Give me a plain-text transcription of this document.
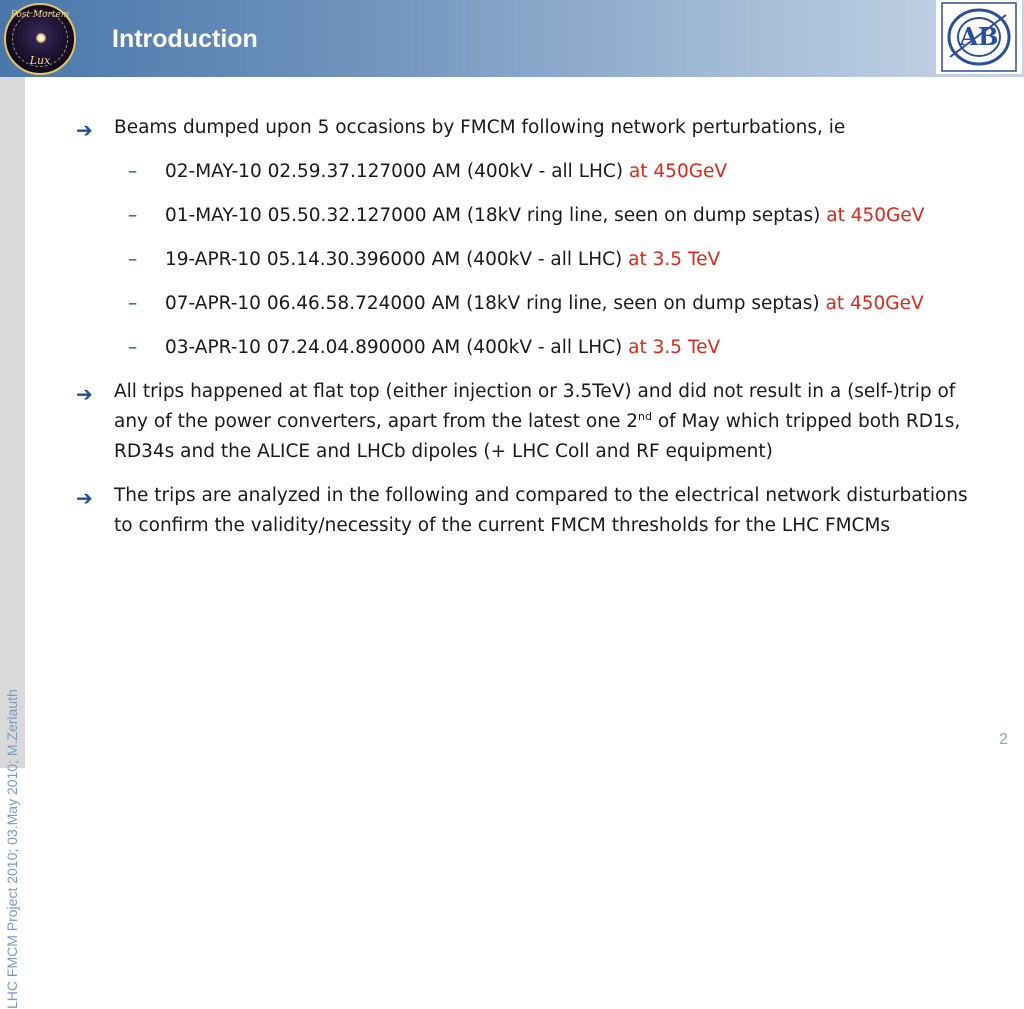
Post Mortem
Lux
Introduction	AB
LHC FMCM Project 2010; 03.May 2010; M.Zerlauth
➔ Beams dumped upon 5 occasions by FMCM following network perturbations, ie
– 02-MAY-10 02.59.37.127000 AM (400kV - all LHC) at 450GeV
– 01-MAY-10 05.50.32.127000 AM (18kV ring line, seen on dump septas) at 450GeV
– 19-APR-10 05.14.30.396000 AM (400kV - all LHC) at 3.5 TeV
– 07-APR-10 06.46.58.724000 AM (18kV ring line, seen on dump septas) at 450GeV
– 03-APR-10 07.24.04.890000 AM (400kV - all LHC) at 3.5 TeV
➔ All trips happened at flat top (either injection or 3.5TeV) and did not result in a (self-)trip of any of the power converters, apart from the latest one 2nd of May which tripped both RD1s, RD34s and the ALICE and LHCb dipoles (+ LHC Coll and RF equipment)
➔ The trips are analyzed in the following and compared to the electrical network disturbations to confirm the validity/necessity of the current FMCM thresholds for the LHC FMCMs
2
